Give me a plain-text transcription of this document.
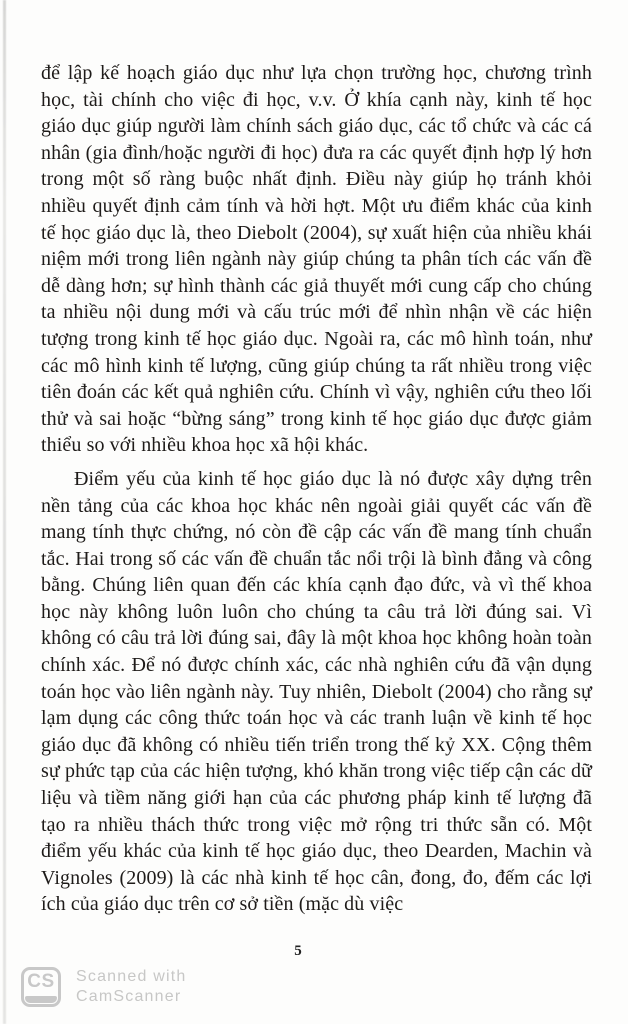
để lập kế hoạch giáo dục như lựa chọn trường học, chương trình học, tài chính cho việc đi học, v.v. Ở khía cạnh này, kinh tế học giáo dục giúp người làm chính sách giáo dục, các tổ chức và các cá nhân (gia đình/hoặc người đi học) đưa ra các quyết định hợp lý hơn trong một số ràng buộc nhất định. Điều này giúp họ tránh khỏi nhiều quyết định cảm tính và hời hợt. Một ưu điểm khác của kinh tế học giáo dục là, theo Diebolt (2004), sự xuất hiện của nhiều khái niệm mới trong liên ngành này giúp chúng ta phân tích các vấn đề dễ dàng hơn; sự hình thành các giả thuyết mới cung cấp cho chúng ta nhiều nội dung mới và cấu trúc mới để nhìn nhận về các hiện tượng trong kinh tế học giáo dục. Ngoài ra, các mô hình toán, như các mô hình kinh tế lượng, cũng giúp chúng ta rất nhiều trong việc tiên đoán các kết quả nghiên cứu. Chính vì vậy, nghiên cứu theo lối thử và sai hoặc “bừng sáng” trong kinh tế học giáo dục được giảm thiểu so với nhiều khoa học xã hội khác.

Điểm yếu của kinh tế học giáo dục là nó được xây dựng trên nền tảng của các khoa học khác nên ngoài giải quyết các vấn đề mang tính thực chứng, nó còn đề cập các vấn đề mang tính chuẩn tắc. Hai trong số các vấn đề chuẩn tắc nổi trội là bình đẳng và công bằng. Chúng liên quan đến các khía cạnh đạo đức, và vì thế khoa học này không luôn luôn cho chúng ta câu trả lời đúng sai. Vì không có câu trả lời đúng sai, đây là một khoa học không hoàn toàn chính xác. Để nó được chính xác, các nhà nghiên cứu đã vận dụng toán học vào liên ngành này. Tuy nhiên, Diebolt (2004) cho rằng sự lạm dụng các công thức toán học và các tranh luận về kinh tế học giáo dục đã không có nhiều tiến triển trong thế kỷ XX. Cộng thêm sự phức tạp của các hiện tượng, khó khăn trong việc tiếp cận các dữ liệu và tiềm năng giới hạn của các phương pháp kinh tế lượng đã tạo ra nhiều thách thức trong việc mở rộng tri thức sẵn có. Một điểm yếu khác của kinh tế học giáo dục, theo Dearden, Machin và Vignoles (2009) là các nhà kinh tế học cân, đong, đo, đếm các lợi ích của giáo dục trên cơ sở tiền (mặc dù việc

5
CS Scanned with
CamScanner
